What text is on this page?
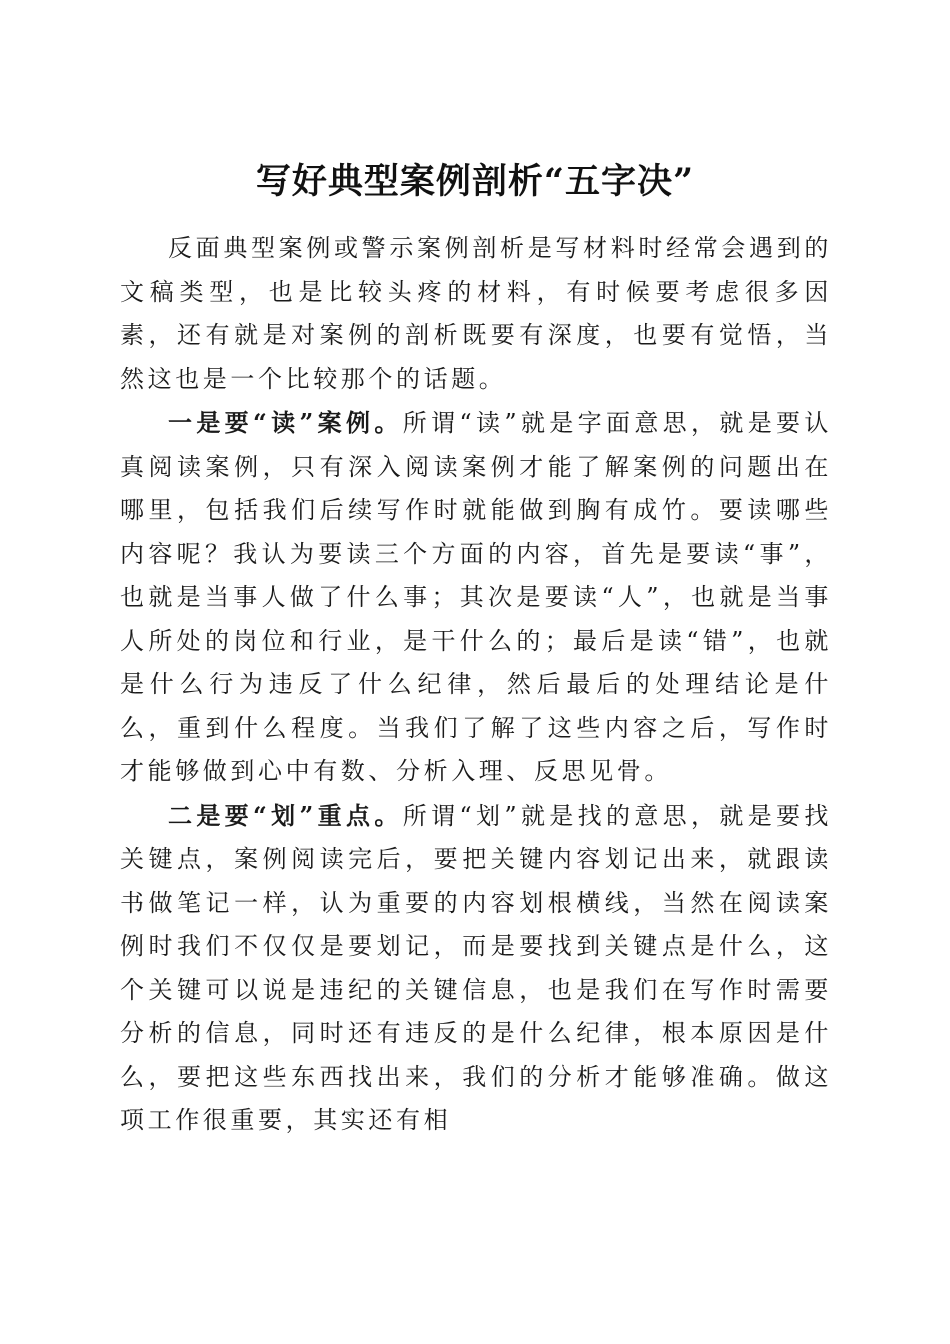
写好典型案例剖析“五字决”

反面典型案例或警示案例剖析是写材料时经常会遇到的文稿类型，也是比较头疼的材料，有时候要考虑很多因素，还有就是对案例的剖析既要有深度，也要有觉悟，当然这也是一个比较那个的话题。

一是要“读”案例。所谓“读”就是字面意思，就是要认真阅读案例，只有深入阅读案例才能了解案例的问题出在哪里，包括我们后续写作时就能做到胸有成竹。要读哪些内容呢？我认为要读三个方面的内容，首先是要读“事”，也就是当事人做了什么事；其次是要读“人”，也就是当事人所处的岗位和行业，是干什么的；最后是读“错”，也就是什么行为违反了什么纪律，然后最后的处理结论是什么，重到什么程度。当我们了解了这些内容之后，写作时才能够做到心中有数、分析入理、反思见骨。

二是要“划”重点。所谓“划”就是找的意思，就是要找关键点，案例阅读完后，要把关键内容划记出来，就跟读书做笔记一样，认为重要的内容划根横线，当然在阅读案例时我们不仅仅是要划记，而是要找到关键点是什么，这个关键可以说是违纪的关键信息，也是我们在写作时需要分析的信息，同时还有违反的是什么纪律，根本原因是什么，要把这些东西找出来，我们的分析才能够准确。做这项工作很重要，其实还有相
